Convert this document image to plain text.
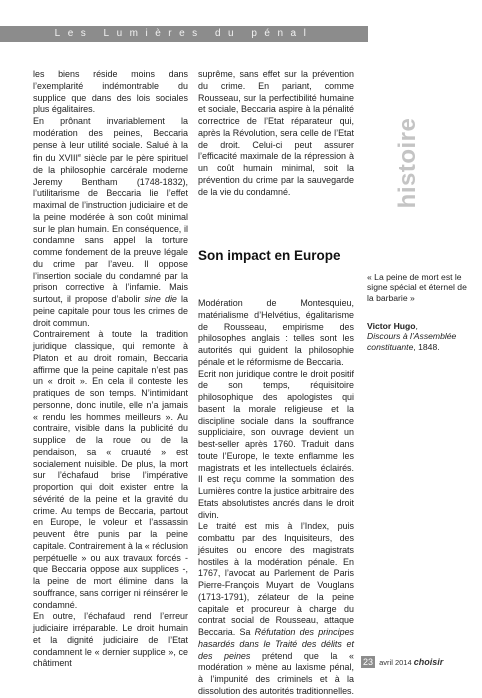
Les Lumières du pénal
histoire

les biens réside moins dans l’exemplarité indémontrable du supplice que dans des lois sociales plus égalitaires.

En prônant invariablement la modération des peines, Beccaria pense à leur utilité sociale. Salué à la fin du XVIIIe siècle par le père spirituel de la philosophie carcérale moderne Jeremy Bentham (1748-1832), l’utilitarisme de Beccaria lie l’effet maximal de l’instruction judiciaire et de la peine modérée à son coût minimal sur le plan humain. En conséquence, il condamne sans appel la torture comme fondement de la preuve légale du crime par l’aveu. Il oppose l’insertion sociale du condamné par la prison corrective à l’infamie. Mais surtout, il propose d’abolir sine die la peine capitale pour tous les crimes de droit commun.

Contrairement à toute la tradition juridique classique, qui remonte à Platon et au droit romain, Beccaria affirme que la peine capitale n’est pas un « droit ». En cela il conteste les pratiques de son temps. N’intimidant personne, donc inutile, elle n’a jamais « rendu les hommes meilleurs ». Au contraire, visible dans la publicité du supplice de la roue ou de la pendaison, sa « cruauté » est socialement nuisible. De plus, la mort sur l’échafaud brise l’impérative proportion qui doit exister entre la sévérité de la peine et la gravité du crime. Au temps de Beccaria, partout en Europe, le voleur et l’assassin peuvent être punis par la peine capitale. Contrairement à la « réclusion perpétuelle » ou aux travaux forcés - que Beccaria oppose aux supplices -, la peine de mort élimine dans la souffrance, sans corriger ni réinsérer le condamné.

En outre, l’échafaud rend l’erreur judiciaire irréparable. Le droit humain et la dignité judiciaire de l’Etat condamnent le « dernier supplice », ce châtiment

suprême, sans effet sur la prévention du crime. En pariant, comme Rousseau, sur la perfectibilité humaine et sociale, Beccaria aspire à la pénalité correctrice de l’Etat réparateur qui, après la Révolution, sera celle de l’Etat de droit. Celui-ci peut assurer l’efficacité maximale de la répression à un coût humain minimal, soit la prévention du crime par la sauvegarde de la vie du condamné.

Son impact en Europe

Modération de Montesquieu, matérialisme d’Helvétius, égalitarisme de Rousseau, empirisme des philosophes anglais : telles sont les autorités qui guident la philosophie pénale et le réformisme de Beccaria.

Ecrit non juridique contre le droit positif de son temps, réquisitoire philosophique des apologistes qui basent la morale religieuse et la discipline sociale dans la souffrance suppliciaire, son ouvrage devient un best-seller après 1760. Traduit dans toute l’Europe, le texte enflamme les magistrats et les intellectuels éclairés. Il est reçu comme la sommation des Lumières contre la justice arbitraire des Etats absolutistes ancrés dans le droit divin.

Le traité est mis à l’Index, puis combattu par des Inquisiteurs, des jésuites ou encore des magistrats hostiles à la modération pénale. En 1767, l’avocat au Parlement de Paris Pierre-François Muyart de Vouglans (1713-1791), zélateur de la peine capitale et procureur à charge du contrat social de Rousseau, attaque Beccaria. Sa Réfutation des principes hasardés dans le Traité des délits et des peines prétend que la « modération » mène au laxisme pénal, à l’impunité des criminels et à la dissolution des autorités traditionnelles.

« La peine de mort est le signe spécial et éternel de la barbarie »
Victor Hugo,
Discours à l’Assemblée constituante, 1848.
23 avril 2014 choisir
